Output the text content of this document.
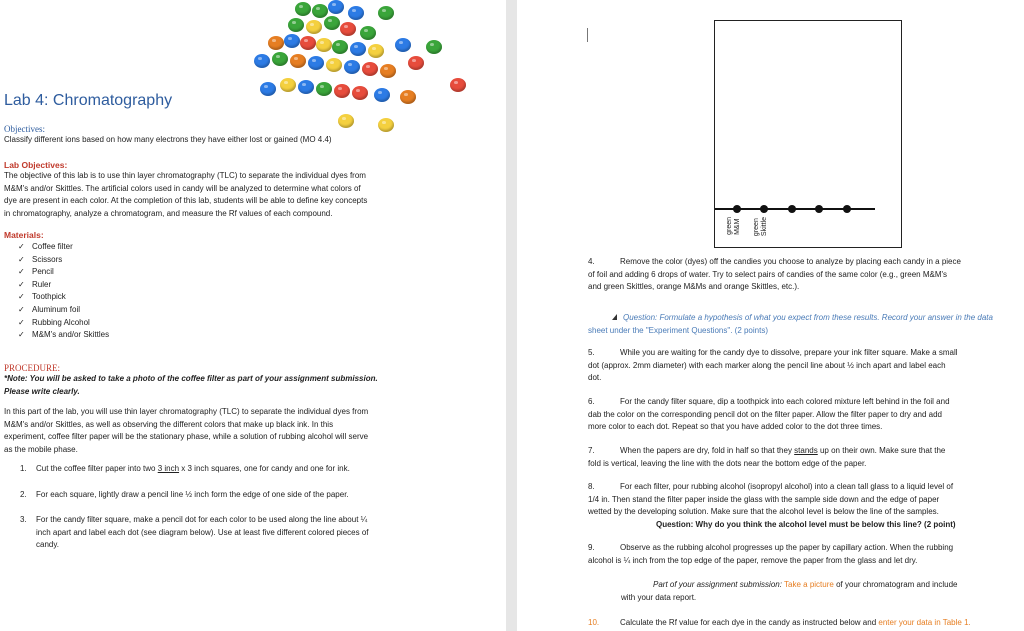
Lab 4: Chromatography
Objectives:
Classify different ions based on how many electrons they have either lost or gained (MO 4.4)
Lab Objectives:
The objective of this lab is to use thin layer chromatography (TLC) to separate the individual dyes from
M&M's and/or Skittles. The artificial colors used in candy will be analyzed to determine what colors of
dye are present in each color. At the completion of this lab, students will be able to define key concepts
in chromatography, analyze a chromatogram, and measure the Rf values of each compound.
Materials:
✓ Coffee filter
✓ Scissors
✓ Pencil
✓ Ruler
✓ Toothpick
✓ Aluminum foil
✓ Rubbing Alcohol
✓ M&M's and/or Skittles
PROCEDURE:
*Note: You will be asked to take a photo of the coffee filter as part of your assignment submission.
Please write clearly.
In this part of the lab, you will use thin layer chromatography (TLC) to separate the individual dyes from
M&M's and/or Skittles, as well as observing the different colors that make up black ink. In this
experiment, coffee filter paper will be the stationary phase, while a solution of rubbing alcohol will serve
as the mobile phase.
1. Cut the coffee filter paper into two 3 inch x 3 inch squares, one for candy and one for ink.
2. For each square, lightly draw a pencil line ½ inch form the edge of one side of the paper.
3.	For the candy filter square, make a pencil dot for each color to be used along the line about ¼
inch apart and label each dot (see diagram below). Use at least five different colored pieces of
candy.
green
M&M green
Skittle
4.	Remove the color (dyes) off the candies you choose to analyze by placing each candy in a piece
of foil and adding 6 drops of water. Try to select pairs of candies of the same color (e.g., green M&M's
and green Skittles, orange M&Ms and orange Skittles, etc.).
Question: Formulate a hypothesis of what you expect from these results. Record your answer in the data
sheet under the "Experiment Questions". (2 points)
5.	While you are waiting for the candy dye to dissolve, prepare your ink filter square. Make a small
dot (approx. 2mm diameter) with each marker along the pencil line about ½ inch apart and label each
dot.
6.	For the candy filter square, dip a toothpick into each colored mixture left behind in the foil and
dab the color on the corresponding pencil dot on the filter paper. Allow the filter paper to dry and add
more color to each dot. Repeat so that you have added color to the dot three times.
7.	When the papers are dry, fold in half so that they stands up on their own. Make sure that the
fold is vertical, leaving the line with the dots near the bottom edge of the paper.
8.	For each filter, pour rubbing alcohol (isopropyl alcohol) into a clean tall glass to a liquid level of
1/4 in. Then stand the filter paper inside the glass with the sample side down and the edge of paper
wetted by the developing solution. Make sure that the alcohol level is below the line of the samples.
Question: Why do you think the alcohol level must be below this line? (2 point)
9.	Observe as the rubbing alcohol progresses up the paper by capillary action. When the rubbing
alcohol is ¼ inch from the top edge of the paper, remove the paper from the glass and let dry.
Part of your assignment submission: Take a picture of your chromatogram and include
with your data report.
10.	Calculate the Rf value for each dye in the candy as instructed below and enter your data in Table 1.
